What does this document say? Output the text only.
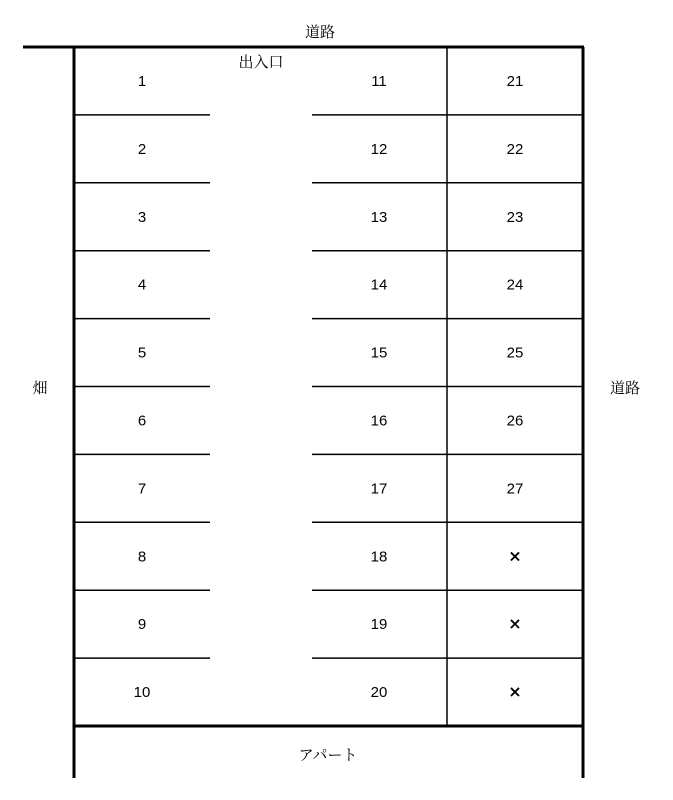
道路
道路
畑
出入口
アパート
1
2
3
4
5
6
7
8
9
10
11
12
13
14
15
16
17
18
19
20
21
22
23
24
25
26
27
×
×
×
